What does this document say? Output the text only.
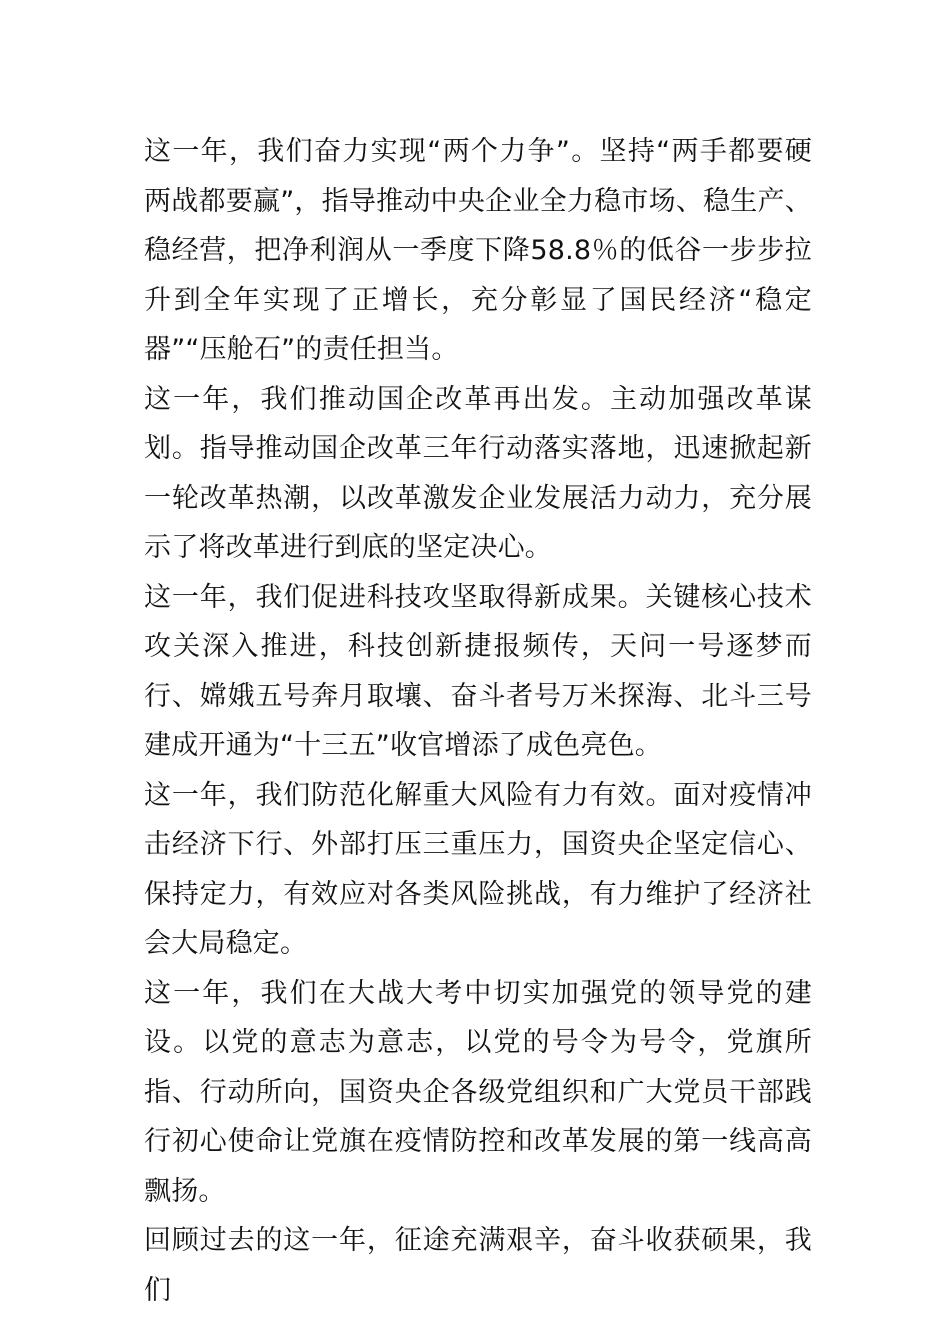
这一年，我们奋力实现“两个力争”。坚持“两手都要硬两战都要赢”，指导推动中央企业全力稳市场、稳生产、稳经营，把净利润从一季度下降58.8％的低谷一步步拉升到全年实现了正增长，充分彰显了国民经济“稳定器”“压舱石”的责任担当。

这一年，我们推动国企改革再出发。主动加强改革谋划。指导推动国企改革三年行动落实落地，迅速掀起新一轮改革热潮，以改革激发企业发展活力动力，充分展示了将改革进行到底的坚定决心。

这一年，我们促进科技攻坚取得新成果。关键核心技术攻关深入推进，科技创新捷报频传，天问一号逐梦而行、嫦娥五号奔月取壤、奋斗者号万米探海、北斗三号建成开通为“十三五”收官增添了成色亮色。

这一年，我们防范化解重大风险有力有效。面对疫情冲击经济下行、外部打压三重压力，国资央企坚定信心、保持定力，有效应对各类风险挑战，有力维护了经济社会大局稳定。

这一年，我们在大战大考中切实加强党的领导党的建设。以党的意志为意志，以党的号令为号令，党旗所指、行动所向，国资央企各级党组织和广大党员干部践行初心使命让党旗在疫情防控和改革发展的第一线高高飘扬。

回顾过去的这一年，征途充满艰辛，奋斗收获硕果，我们
